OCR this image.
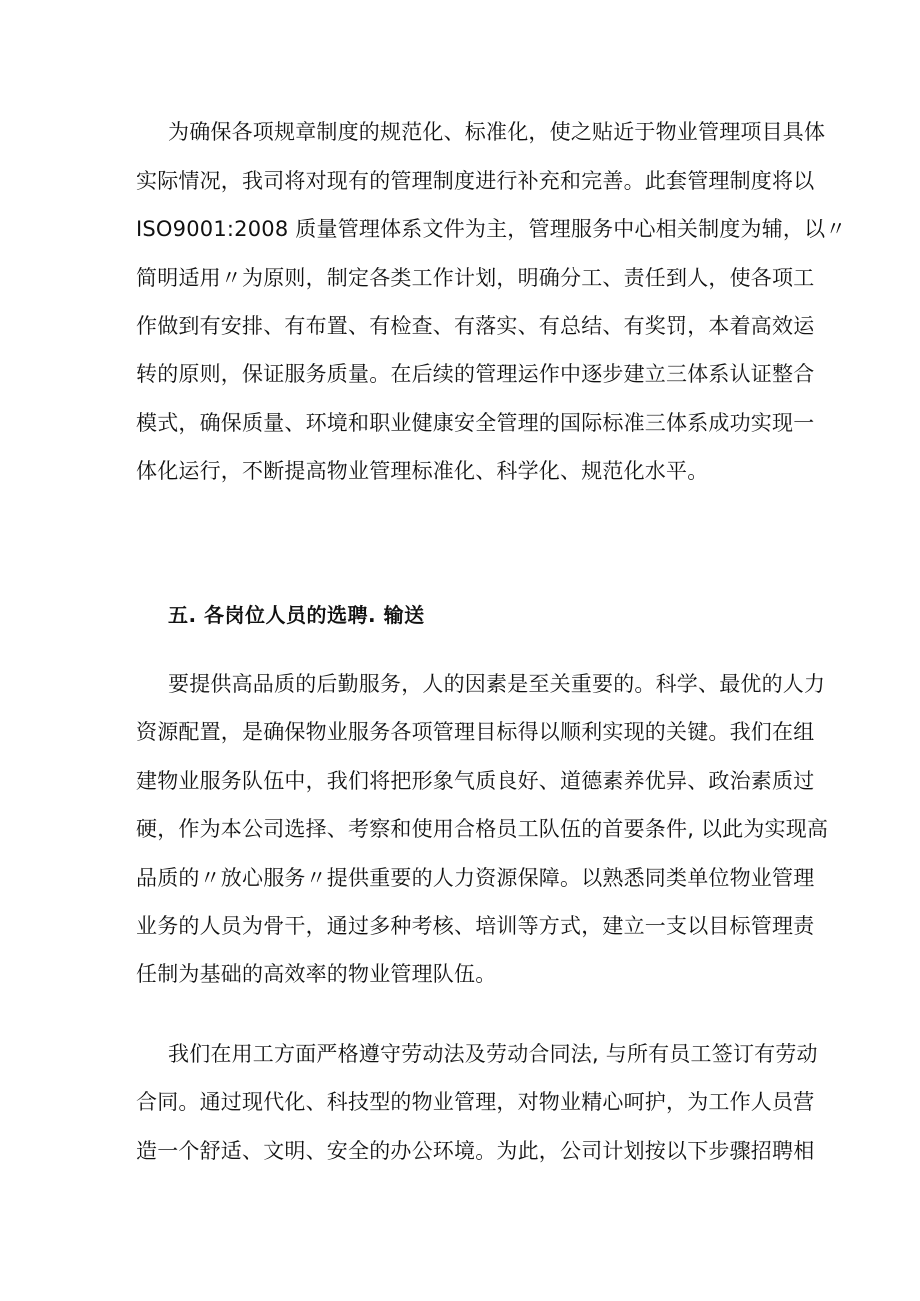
为确保各项规章制度的规范化、标准化，使之贴近于物业管理项目具体
实际情况，我司将对现有的管理制度进行补充和完善。此套管理制度将以
ISO9001:2008 质量管理体系文件为主，管理服务中心相关制度为辅，以〃
简明适用〃为原则，制定各类工作计划，明确分工、责任到人，使各项工
作做到有安排、有布置、有检查、有落实、有总结、有奖罚，本着高效运
转的原则，保证服务质量。在后续的管理运作中逐步建立三体系认证整合
模式，确保质量、环境和职业健康安全管理的国际标准三体系成功实现一
体化运行，不断提高物业管理标准化、科学化、规范化水平。
五. 各岗位人员的选聘. 输送
要提供高品质的后勤服务，人的因素是至关重要的。科学、最优的人力
资源配置，是确保物业服务各项管理目标得以顺利实现的关键。我们在组
建物业服务队伍中，我们将把形象气质良好、道德素养优异、政治素质过
硬，作为本公司选择、考察和使用合格员工队伍的首要条件, 以此为实现高
品质的〃放心服务〃提供重要的人力资源保障。以熟悉同类单位物业管理
业务的人员为骨干，通过多种考核、培训等方式，建立一支以目标管理责
任制为基础的高效率的物业管理队伍。
我们在用工方面严格遵守劳动法及劳动合同法, 与所有员工签订有劳动
合同。通过现代化、科技型的物业管理，对物业精心呵护，为工作人员营
造一个舒适、文明、安全的办公环境。为此，公司计划按以下步骤招聘相
